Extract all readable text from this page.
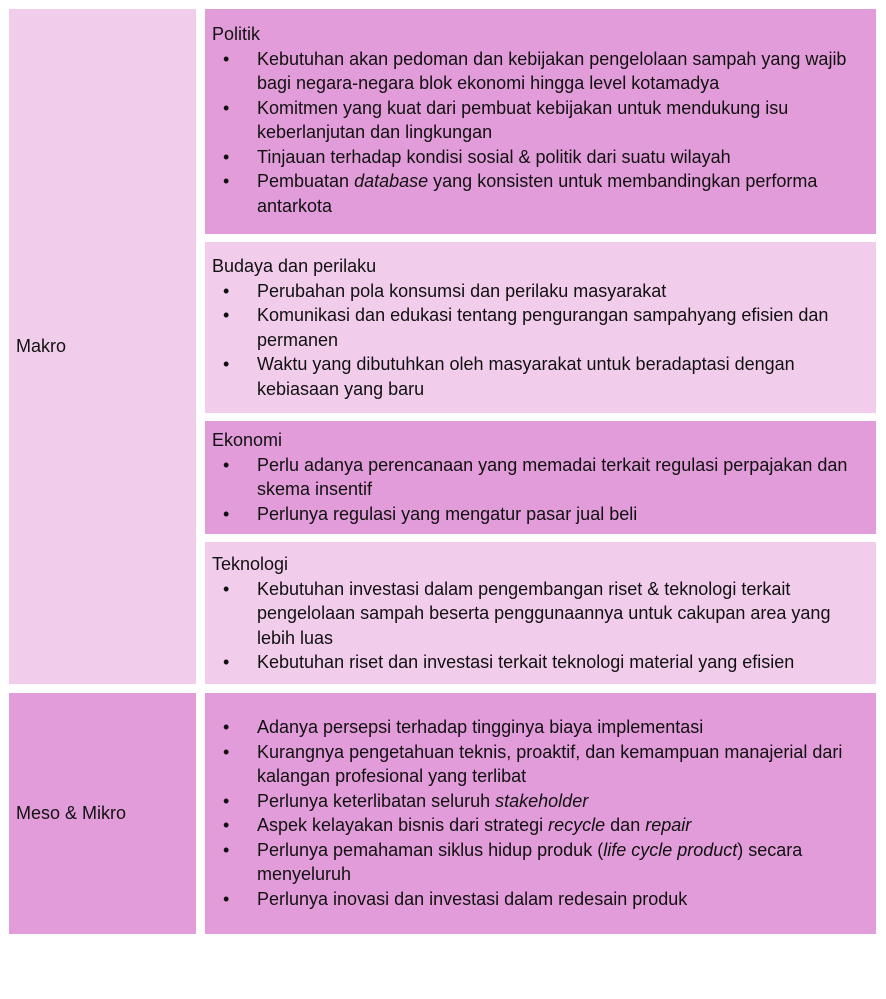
Makro

Politik

• Kebutuhan akan pedoman dan kebijakan pengelolaan sampah yang wajib bagi negara-negara blok ekonomi hingga level kotamadya
• Komitmen yang kuat dari pembuat kebijakan untuk mendukung isu keberlanjutan dan lingkungan
• Tinjauan terhadap kondisi sosial & politik dari suatu wilayah
• Pembuatan database yang konsisten untuk membandingkan performa antarkota

Budaya dan perilaku

• Perubahan pola konsumsi dan perilaku masyarakat
• Komunikasi dan edukasi tentang pengurangan sampahyang efisien dan permanen
• Waktu yang dibutuhkan oleh masyarakat untuk beradaptasi dengan kebiasaan yang baru

Ekonomi

• Perlu adanya perencanaan yang memadai terkait regulasi perpajakan dan skema insentif
• Perlunya regulasi yang mengatur pasar jual beli

Teknologi

• Kebutuhan investasi dalam pengembangan riset & teknologi terkait pengelolaan sampah beserta penggunaannya untuk cakupan area yang lebih luas
• Kebutuhan riset dan investasi terkait teknologi material yang efisien
Meso & Mikro
• Adanya persepsi terhadap tingginya biaya implementasi
• Kurangnya pengetahuan teknis, proaktif, dan kemampuan manajerial dari kalangan profesional yang terlibat
• Perlunya keterlibatan seluruh stakeholder
• Aspek kelayakan bisnis dari strategi recycle dan repair
• Perlunya pemahaman siklus hidup produk (life cycle product) secara menyeluruh
• Perlunya inovasi dan investasi dalam redesain produk
